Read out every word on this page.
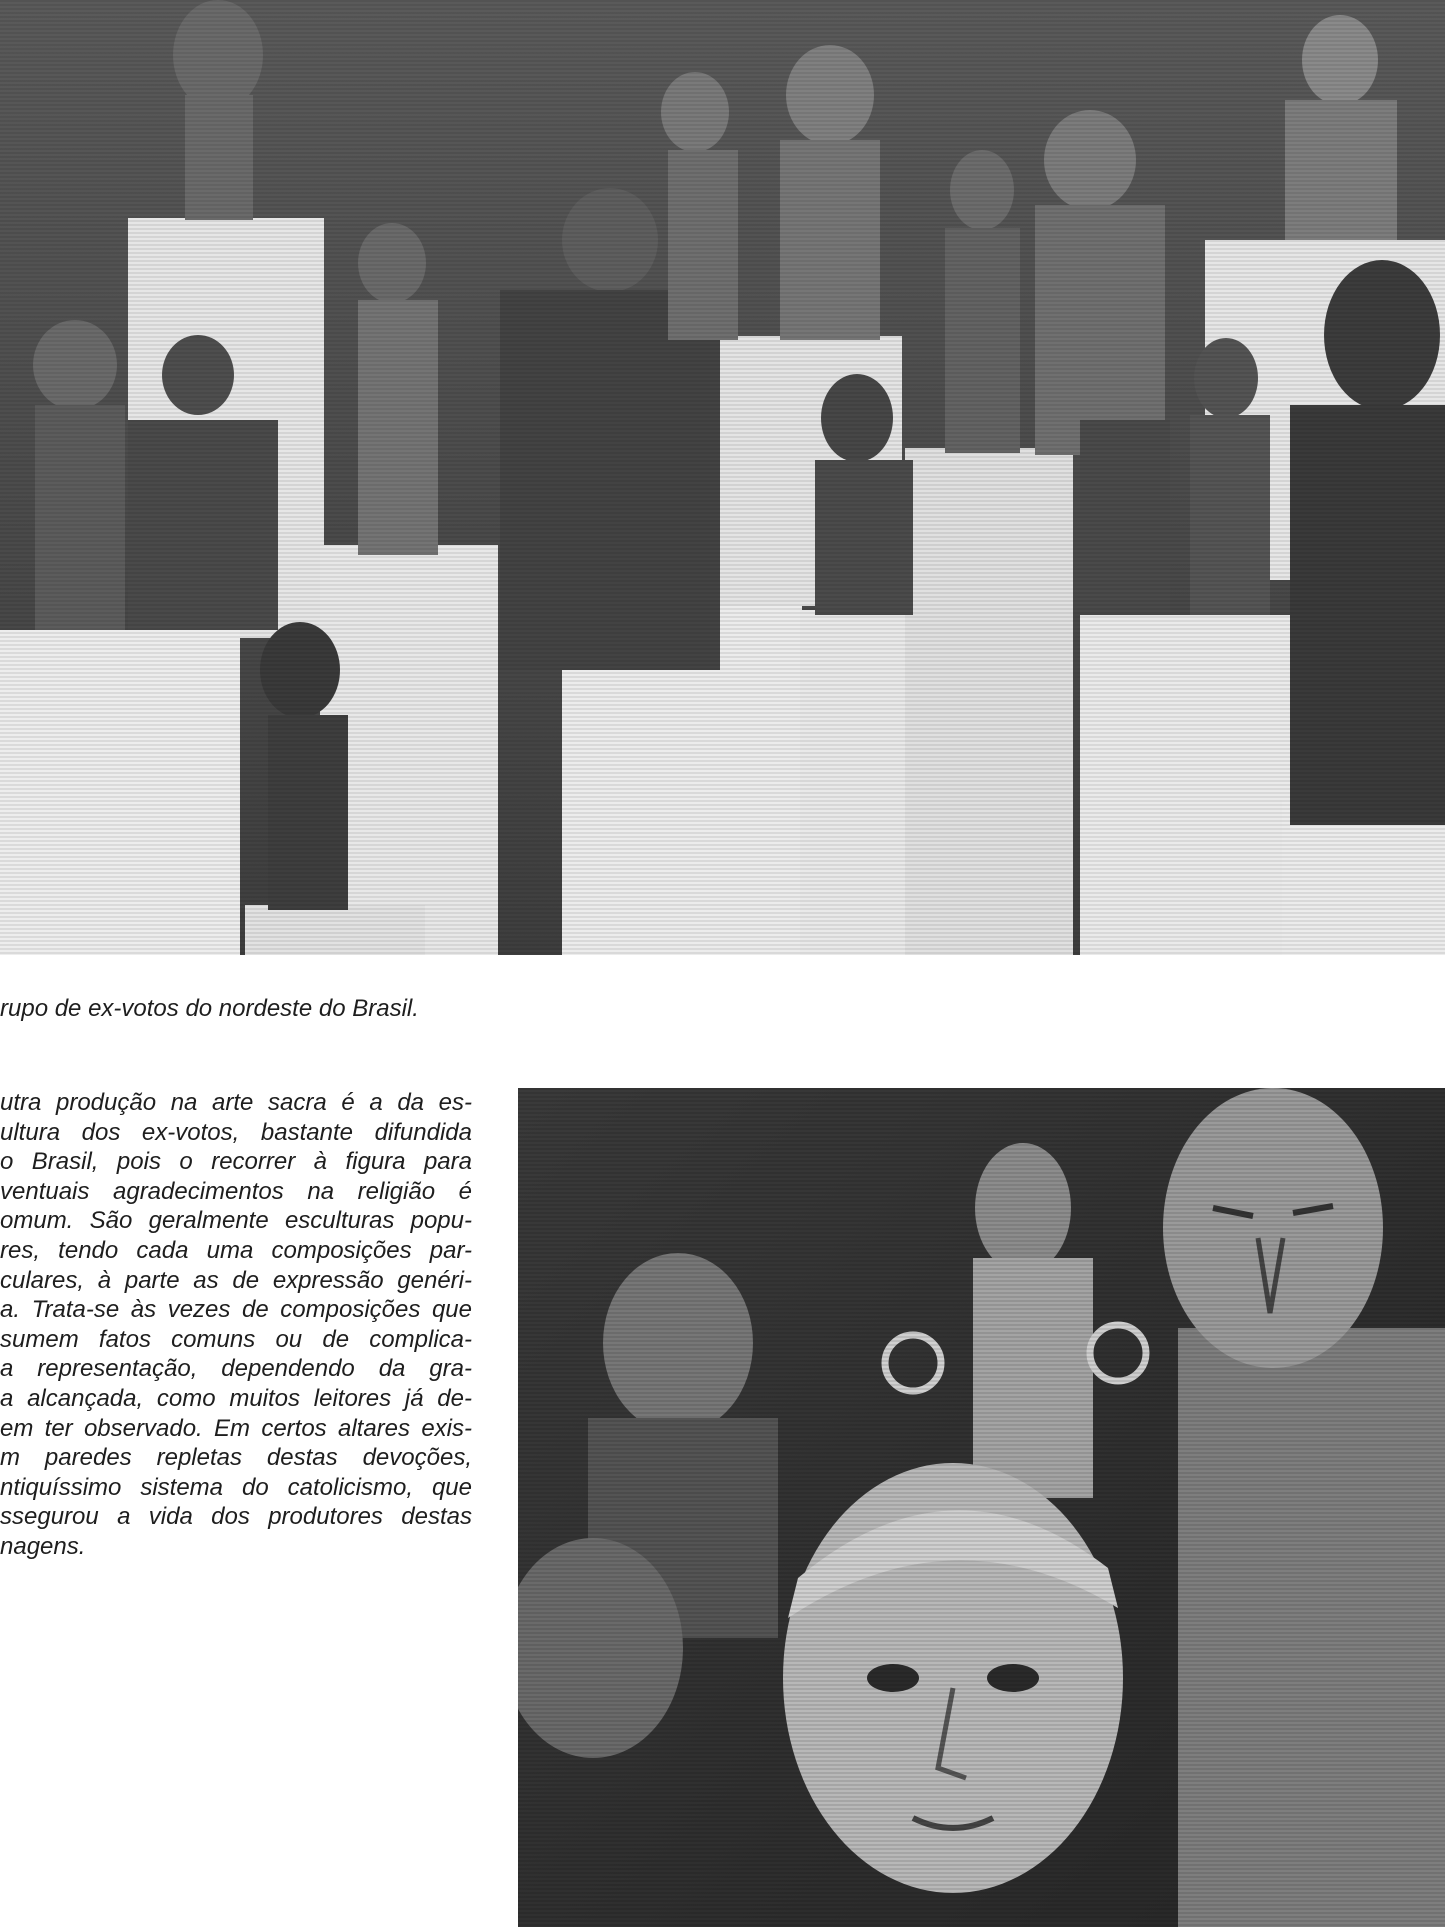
rupo de ex-votos do nordeste do Brasil.
utra produção na arte sacra é a da es-
ultura dos ex-votos, bastante difundida
o Brasil, pois o recorrer à figura para
ventuais agradecimentos na religião é
omum. São geralmente esculturas popu-
res, tendo cada uma composições par-
culares, à parte as de expressão genéri-
a. Trata-se às vezes de composições que
sumem fatos comuns ou de complica-
a representação, dependendo da gra-
a alcançada, como muitos leitores já de-
em ter observado. Em certos altares exis-
m paredes repletas destas devoções,
ntiquíssimo sistema do catolicismo, que
ssegurou a vida dos produtores destas
nagens.
